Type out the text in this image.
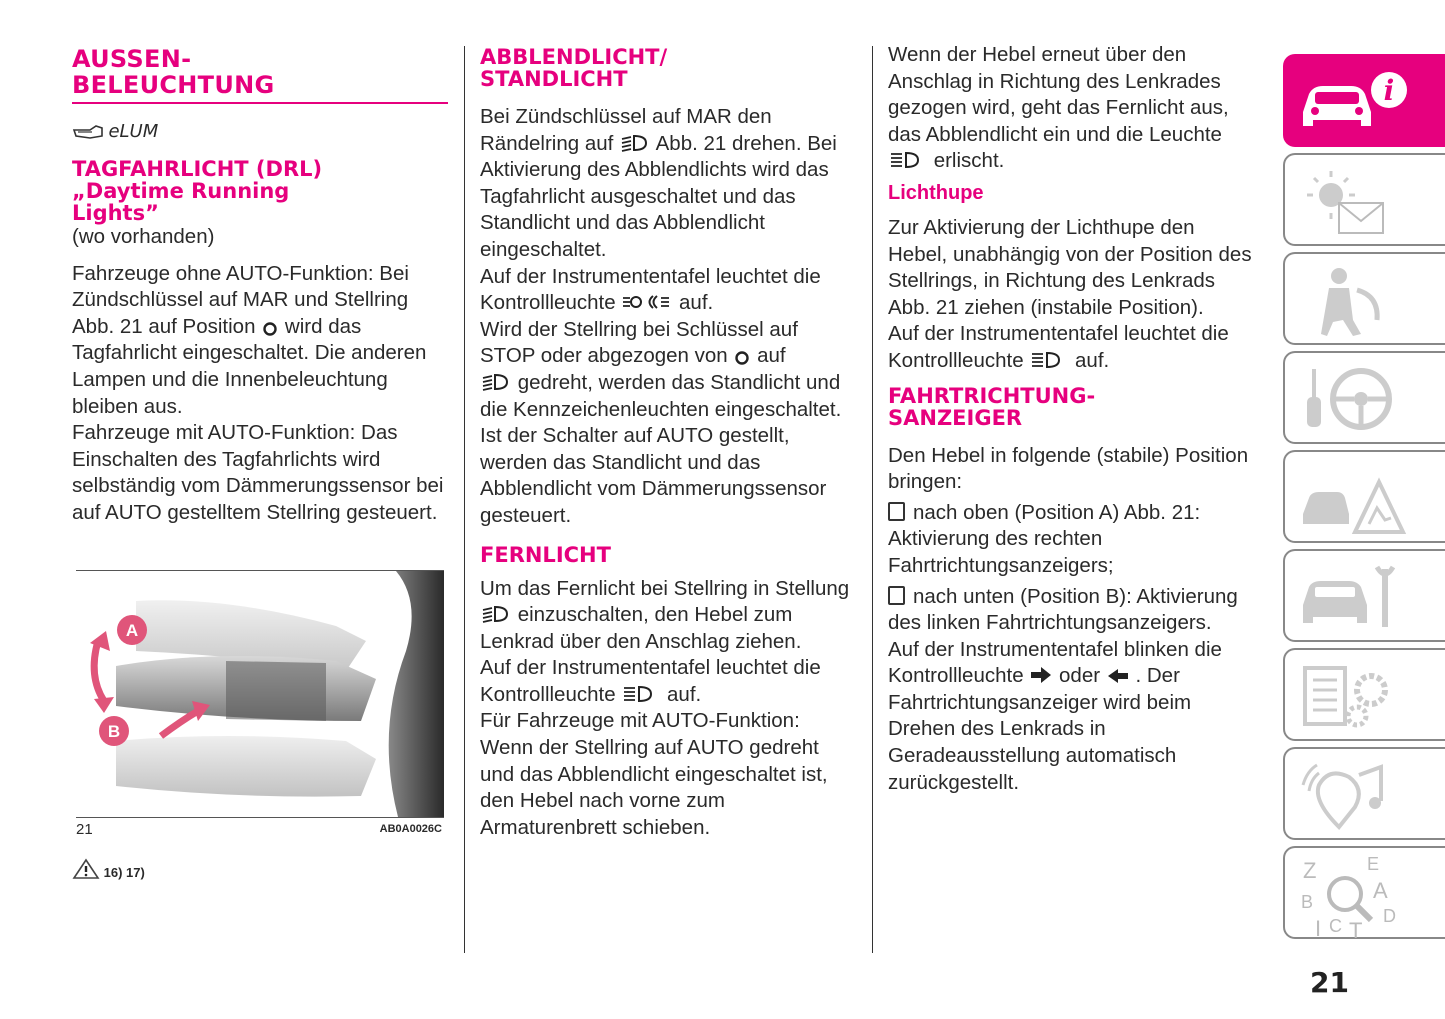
AUSSEN-
BELEUCHTUNG
eLUM
TAGFAHRLICHT (DRL)
„Daytime Running
Lights”

(wo vorhanden)

Fahrzeuge ohne AUTO-Funktion: Bei Zündschlüssel auf MAR und Stellring Abb. 21 auf Position wird das Tagfahrlicht eingeschaltet. Die anderen Lampen und die Innenbeleuchtung bleiben aus.

Fahrzeuge mit AUTO-Funktion: Das Einschalten des Tagfahrlichts wird selbständig vom Dämmerungssensor bei auf AUTO gestelltem Stellring gesteuert.

A
B
21	AB0A0026C
16) 17)
ABBLENDLICHT/
STANDLICHT

Bei Zündschlüssel auf MAR den Rändelring auf Abb. 21 drehen. Bei Aktivierung des Abblendlichts wird das Tagfahrlicht ausgeschaltet und das Standlicht und das Abblendlicht eingeschaltet.

Auf der Instrumententafel leuchtet die Kontrollleuchte	auf.

Wird der Stellring bei Schlüssel auf STOP oder abgezogen von auf
gedreht, werden das Standlicht und die Kennzeichenleuchten eingeschaltet. Ist der Schalter auf AUTO gestellt, werden das Standlicht und das Abblendlicht vom Dämmerungssensor gesteuert.

FERNLICHT

Um das Fernlicht bei Stellring in Stellung  einzuschalten, den Hebel zum Lenkrad über den Anschlag ziehen.

Auf der Instrumententafel leuchtet die Kontrollleuchte	auf.

Für Fahrzeuge mit AUTO-Funktion: Wenn der Stellring auf AUTO gedreht und das Abblendlicht eingeschaltet ist, den Hebel nach vorne zum Armaturenbrett schieben.

Wenn der Hebel erneut über den Anschlag in Richtung des Lenkrades gezogen wird, geht das Fernlicht aus, das Abblendlicht ein und die Leuchte
erlischt.

Lichthupe

Zur Aktivierung der Lichthupe den Hebel, unabhängig von der Position des Stellrings, in Richtung des Lenkrads Abb. 21 ziehen (instabile Position).

Auf der Instrumententafel leuchtet die Kontrollleuchte	auf.

FAHRTRICHTUNG-
SANZEIGER

Den Hebel in folgende (stabile) Position bringen:

nach oben (Position A) Abb. 21: Aktivierung des rechten Fahrtrichtungsanzeigers;

nach unten (Position B): Aktivierung des linken Fahrtrichtungsanzeigers.

Auf der Instrumententafel blinken die Kontrollleuchte oder . Der Fahrtrichtungsanzeiger wird beim Drehen des Lenkrads in Geradeausstellung automatisch zurückgestellt.

i
Z	E
A
B
D
I C T
21
